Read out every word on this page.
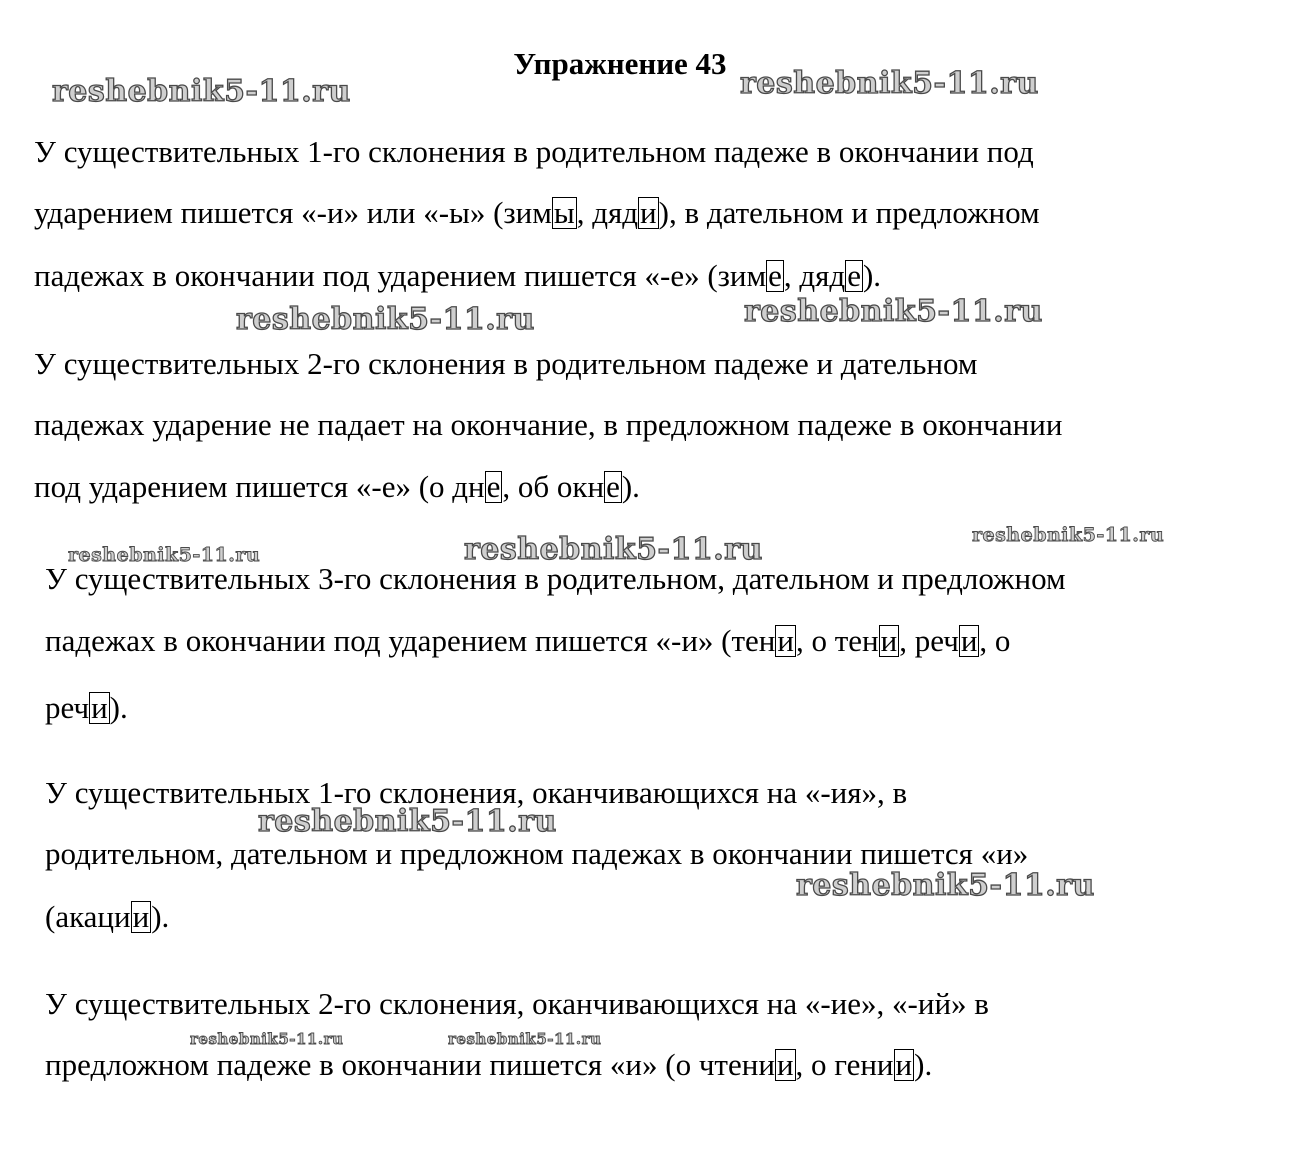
Упражнение 43
У существительных 1-го склонения в родительном падеже в окончании под
ударением пишется «-и» или «-ы» (зимы, дяди), в дательном и предложном
падежах в окончании под ударением пишется «-е» (зиме, дяде).
У существительных 2-го склонения в родительном падеже и дательном
падежах ударение не падает на окончание, в предложном падеже в окончании
под ударением пишется «-е» (о дне, об окне).
У существительных 3-го склонения в родительном, дательном и предложном
падежах в окончании под ударением пишется «-и» (тени, о тени, речи, о
речи).
У существительных 1-го склонения, оканчивающихся на «-ия», в
родительном, дательном и предложном падежах в окончании пишется «и»
(акации).
У существительных 2-го склонения, оканчивающихся на «-ие», «-ий» в
предложном падеже в окончании пишется «и» (о чтении, о гении).
reshebnik5-11.ru	reshebnik5-11.ru
reshebnik5-11.ru	reshebnik5-11.ru
reshebnik5-11.ru	reshebnik5-11.ru	reshebnik5-11.ru
reshebnik5-11.ru
reshebnik5-11.ru
reshebnik5-11.ru	reshebnik5-11.ru
